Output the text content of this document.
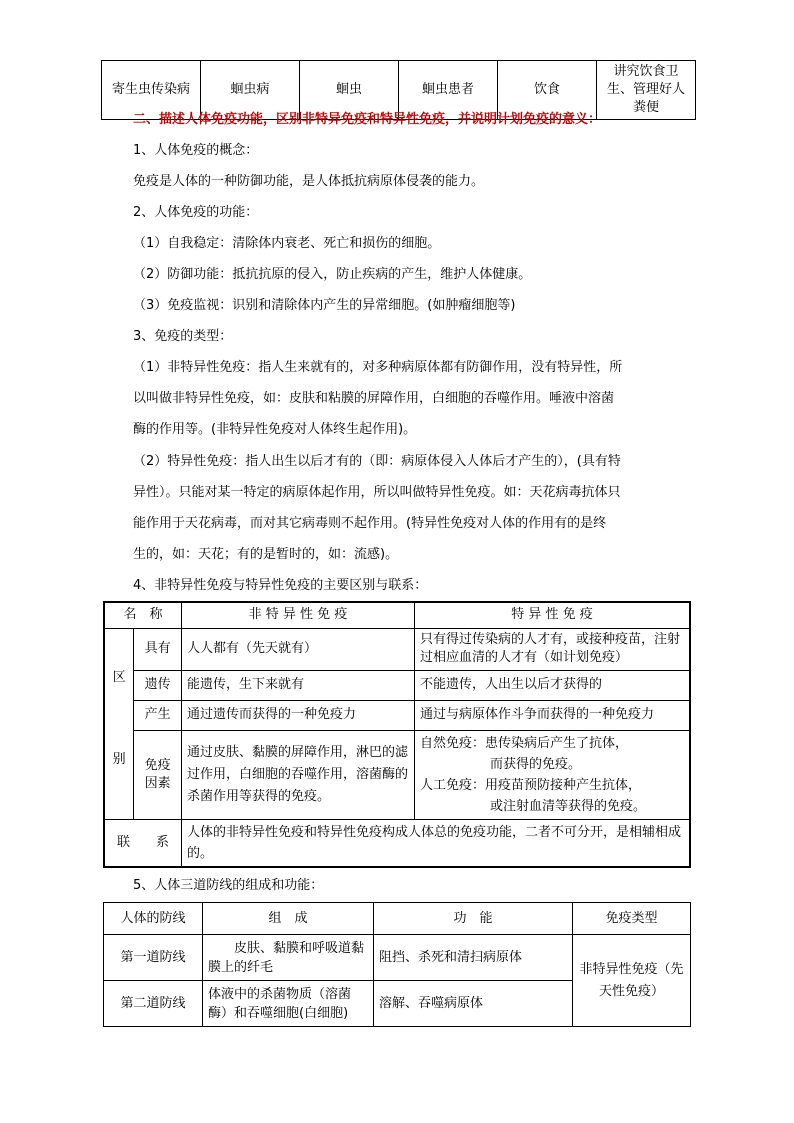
寄生虫传染病	蛔虫病	蛔虫	蛔虫患者	饮食	讲究饮食卫生、管理好人粪便
二、描述人体免疫功能，区别非特异免疫和特异性免疫，并说明计划免疫的意义：
1、人体免疫的概念：
免疫是人体的一种防御功能，是人体抵抗病原体侵袭的能力。
2、人体免疫的功能：
（1）自我稳定：清除体内衰老、死亡和损伤的细胞。
（2）防御功能：抵抗抗原的侵入，防止疾病的产生，维护人体健康。
（3）免疫监视：识别和清除体内产生的异常细胞。(如肿瘤细胞等)
3、免疫的类型：
（1）非特异性免疫：指人生来就有的，对多种病原体都有防御作用，没有特异性，所
以叫做非特异性免疫，如：皮肤和粘膜的屏障作用，白细胞的吞噬作用。唾液中溶菌
酶的作用等。(非特异性免疫对人体终生起作用)。
（2）特异性免疫：指人出生以后才有的（即：病原体侵入人体后才产生的），(具有特
异性）。只能对某一特定的病原体起作用，所以叫做特异性免疫。如：天花病毒抗体只
能作用于天花病毒，而对其它病毒则不起作用。(特异性免疫对人体的作用有的是终
生的，如：天花；有的是暂时的，如：流感)。
4、非特异性免疫与特异性免疫的主要区别与联系：
名　称		非 特 异 性 免 疫	特 异 性 免 疫

区
别	具有	人人都有（先天就有）	只有得过传染病的人才有，或接种疫苗，注射过相应血清的人才有（如计划免疫）
	遗传	能遗传，生下来就有	不能遗传，人出生以后才获得的
	产生	通过遗传而获得的一种免疫力	通过与病原体作斗争而获得的一种免疫力
	免疫因素	通过皮肤、黏膜的屏障作用，淋巴的滤过作用，白细胞的吞噬作用，溶菌酶的杀菌作用等获得的免疫。	自然免疫：患传染病后产生了抗体，
而获得的免疫。
人工免疫：用疫苗预防接种产生抗体，
或注射血清等获得的免疫。

联　　系		人体的非特异性免疫和特异性免疫构成人体总的免疫功能，二者不可分开，是相辅相成的。	
5、人体三道防线的组成和功能：
人体的防线	组　成	功　能	免疫类型
第一道防线	皮肤、黏膜和呼吸道黏膜上的纤毛	阻挡、杀死和清扫病原体	非特异性免疫（先天性免疫）
第二道防线	体液中的杀菌物质（溶菌酶）和吞噬细胞(白细胞)	溶解、吞噬病原体	
